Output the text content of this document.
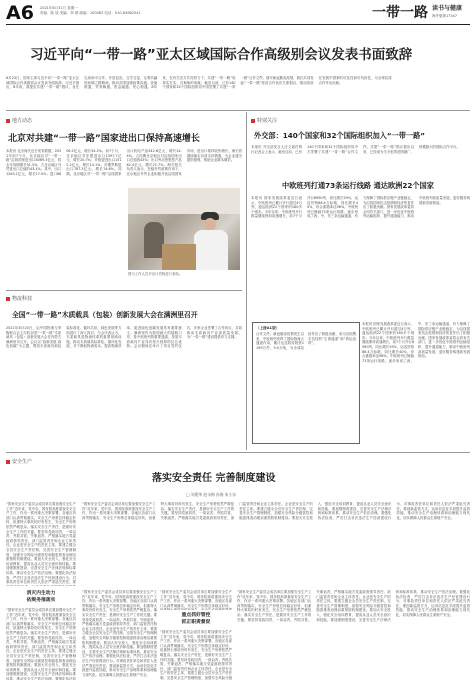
A6 2021年8月31日 星期一
责编：陈 欣 美编：李 婧 邮编：100083 电话：010-64962541	一带一路 读书与健康
海外版第17547
习近平向“一带一路”亚太区域国际合作高级别会议发表书面致辞
6月23日，国家主席习近平向“一带一路”亚太区域国际合作高级别会议发表书面致辞。习近平指出，8年前，我提出共建“一带一路”倡议，旨在弘扬和平合作、开放包容、互学互鉴、互利共赢的丝绸之路精神，推动各国加强政策沟通、设施联通、贸易畅通、资金融通、民心相通。8年来，在有关各方共同努力下，共建“一带一路”取得实打实、沉甸甸的成就。截至目前，已有140个国家和32个国际组织同中国签署了共建“一带一路”合作文件。面对新冠肺炎疫情，我们共同发起“一带一路”疫苗合作伙伴关系倡议，推动疫苗在发展中国家的可及性和可负担性，为全球抗疫合作作出贡献。
地方动态
北京对共建“一带一路”国家进出口保持高速增长
本报讯 北京海关近日发布数据，2021年前7个月，北京地区对“一带一路”沿线国家进出口8069.3亿元，较去年同期增长31.3%，占北京地区外贸进出口总值的43.1%。其中，出口1263.1亿元，增长17.5%；进口6806.2亿元，增长34.2%。前7个月，北京地区对东盟进出口1397.7亿元，增长20.7%；对欧盟进出口1512.2亿元，增长14.1%；对俄罗斯进出口787.3亿元，增长74.6%。同期，北京地区对“一带一路”沿线国家出口机电产品542.6亿元，增长24.4%，占同期北京地区对沿线国家出口总值的43%；出口劳动密集型产品62.4亿元，增长21.7%。海关相关负责人表示，在稳外贸政策作用下，北京地区外贸企业积极开拓沿线国家市场，进出口保持较快增长。海关将继续落实各项支持措施，为企业通关提供便利，帮助企业降本增效。
图为工作人员对出口货物进行查验。
物流科技
全国“一带一路”木质载具（包装）创新发展大会在满洲里召开
2021年8月20日，由中国物流与采购联合会主办的全国“一带一路”木质载具（包装）创新发展大会在内蒙古满洲里市召开。会议以“创新发展 绿色低碳”为主题，围绕木质载具和包装标准化、循环共用、绿色发展等方面进行了深入探讨。与会代表认为，木质载具是物流体系的重要基础设施，推动木质载具标准化、循环化发展，对于降低物流成本、提高物流效率、促进绿色低碳发展具有重要意义。满洲里作为我国最大的陆路口岸，是中欧班列的重要通道，发展木质载具产业具有得天独厚的区位优势。会议期间还举行了项目签约仪式，多家企业签署了合作协议，共同推动木质载具产业高质量发展，为“一带一路”建设提供有力支撑。
特别关注
外交部：140个国家和32个国际组织加入“一带一路”
本报讯 外交部发言人汪文斌在例行记者会上表示，截至目前，已有140个国家和32个国际组织同中方签署了共建“一带一路”合作文件。共建“一带一路”倡议提出以来，已经成为当今世界范围最广、规模最大的国际合作平台。
中欧班列打通73条运行线路 通达欧洲22个国家
本报讯 国家发展改革委近日表示，中欧班列已累计开行超过4万列，通达欧洲22个国家的160多个城市。今年以来，中欧班列开行数量继续保持高速增长，前7个月开行8990列，同比增长29%，运送货物86.4万标箱，同比增长40%，综合重箱率达98%。中欧班列已铺画73条运行线路，逐步形成了西、中、东三条运输通道，有力保障了国际供应链产业链稳定，为沿线国家抗击疫情和经济恢复作出了积极贡献。国家发展改革委将会同有关部门，进一步优化中欧班列运输组织，提升通道能力，推动中欧班列高质量发展，更好服务构建新发展格局。
（上接A1版）
合作文件。新冠肺炎疫情发生以来，中欧班列发挥了国际物流大通道作用，累计运送防疫物资1199万件、9.4万吨，为全球抗疫作出了积极贡献，成为各国携手抗疫的“生命通道”和“命运纽带”。
本报讯 国家发展改革委近日表示，中欧班列已累计开行超过4万列，通达欧洲22个国家的160多个城市。今年以来，中欧班列开行数量继续保持高速增长，前7个月开行8990列，同比增长29%，运送货物86.4万标箱，同比增长40%，综合重箱率达98%。中欧班列已铺画73条运行线路，逐步形成了西、中、东三条运输通道，有力保障了国际供应链产业链稳定，为沿线国家抗击疫情和经济恢复作出了积极贡献。国家发展改革委将会同有关部门，进一步优化中欧班列运输组织，提升通道能力，推动中欧班列高质量发展，更好服务构建新发展格局。
安全生产
落实安全责任 完善制度建设
□ 刘建华 赵永梅 孙海 朱小东
“国家安全生产委员会成员单位要加强安全生产工作”近年来，党中央、国务院高度重视安全生产工作，作出一系列重大决策部署。各地区各部门认真贯彻落实，安全生产形势总体稳定好转，但重特大事故仍时有发生，安全生产形势依然严峻复杂。落实安全生产责任，是做好安全生产工作的关键。要坚持党政同责、一岗双责、齐抓共管、失职追责，严格落实地方党委政府领导责任、部门监管责任和企业主体责任。企业是安全生产的责任主体，要建立健全全员安全生产责任制，完善安全生产管理制度，加强安全风险分级管控和隐患排查治理双重预防机制建设。要加大安全投入，强化安全培训教育，提高从业人员安全意识和技能。要加强制度建设，完善安全生产法律法规和标准体系，推动安全生产依法治理。要强化执法检查，严厉打击非法违法生产经营建设行为，对事故责任单位和责任人依法严肃追究责任。要
消灭内生动力
依规务推落实
“国家安全生产委员会成员单位要加强安全生产工作”近年来，党中央、国务院高度重视安全生产工作，作出一系列重大决策部署。各地区各部门认真贯彻落实，安全生产形势总体稳定好转，但重特大事故仍时有发生，安全生产形势依然严峻复杂。落实安全生产责任，是做好安全生产工作的关键。要坚持党政同责、一岗双责、齐抓共管、失职追责，严格落实地方党委政府领导责任、部门监管责任和企业主体责任。企业是安全生产的责任主体，要建立健全全员安全生产责任制，完善安全生产管理制度，加强安全风险分级管控和隐患排查治理双重预防机制建设。要加大安全投入，强化安全培训教育，提高从业人员安全意识和技能。要加强制度建设，完善安全生产法律法规和标准体系，推动安全生产依法治理。要强化执法检
“国家安全生产委员会成员单位要加强安全生产工作”近年来，党中央、国务院高度重视安全生产工作，作出一系列重大决策部署。各地区各部门认真贯彻落实，安全生产形势总体稳定好转，但重特大事故仍时有发生，安全生产形势依然严峻复杂。落实安全生产责任，是做好安全生产工作的关键。要坚持党政同责、一岗双责、齐抓共管、失职追责，严格落实地方党委政府领导责任、部门监管责任和企业主体责任。企业是安全生产的责任主体，要建立健全全员安全生产责任制，完善安全生产管理制度，加强安全风险分级管控和隐患排查治理双重预防机制建设。要加大安全投入，强化安全培训教育，提高从业人员安全意识和技能。要加强制度建设，完善安全生产法律法规和标准体系，推动安全生产依法治理。要强化执法检查，严厉打击非法违法生产经营建设行为，对事故责任单位和责任人依法严肃追究责任。要创新监管方式，运用信息化手段提升监管效能，推动安全生产治理体系和治理能力现代化，切实保障人民群众生命财产安全。
“国家安全生产委员会成员单位要加强安全生产工作”近年来，党中央、国务院高度重视安全生产工作，作出一系列重大决策部署。各地区各部门认真贯彻落实，安全生产形势总体稳定好转，但重特大事故仍时有发生，安全生产形势依然严峻复杂。落实安全生产责任，是做好安全生产工作的关键。要坚持党政同责、一岗双责、齐抓共管、失职追责，严格落实地方党委政府领导责任、部门监管责任和企业主体责任。企业是安全生产的责任主体，要建立健全全员安全生产责任制，完善安全生产管理制度，加强安全风险分级管控和隐患排查治理双重预防机制建设。要加大安全投入，强化安全培训教育，提高从业人员安全意识和技能。要加强制度建设，完善安全生产法律法规和标准体系，推动安全生产依法治理。要强化执法检查，严厉打击非法违法生产经营建设行为，对事故责任单位和责任人依法严肃追究责任。要创新监管方式，运用信息化手段提升监管效能，推动安全生产治理体系和治理能力现代化，切实保障人民群众生命财产安全。
重点抓好管控
抓正职责督促
“国家安全生产委员会成员单位要加强安全生产工作”近年来，党中央、国务院高度重视安全生产工作，作出一系列重大决策部署。各地区各部门认真贯彻落实，安全生产形势总体稳定好转，
“国家安全生产委员会成员单位要加强安全生产工作”近年来，党中央、国务院高度重视安全生产工作，作出一系列重大决策部署。各地区各部门认真贯彻落实，安全生产形势总体稳定好转，但重特大事故仍时有发生，安全生产形势依然严峻复杂。落实安全生产责任，是做好安全生产工作的关键。要坚持党政同责、一岗双责、齐抓共管、失职追责，严格落实地方党委政府领导责任、部门监管责任和企业主体责任。企业是安全生产的责任主体，要建立健全全员安全生产责任制，完善安全生产管理制度，加强安全风险分级
“国家安全生产委员会成员单位要加强安全生产工作”近年来，党中央、国务院高度重视安全生产工作，作出一系列重大决策部署。各地区各部门认真贯彻落实，安全生产形势总体稳定好转，但重特大事故仍时有发生，安全生产形势依然严峻复杂。落实安全生产责任，是做好安全生产工作的关键。要坚持党政同责、一岗双责、齐抓共管、失职追责，严格落实地方党委政府领导责任、部门监管责任和企业主体责任。企业是安全生产的责任主体，要建立健全全员安全生产责任制，完善安全生产管理制度，加强安全风险分级管控和隐患排查治理双重预防机制建设。要加大安全投入，强化安全培训教育，提高从业人员安全意识和技能。要加强制度建设，完善安全生产法律法规和标准体系，推动安全生产依法治理。要强化执法检查，严厉打击非法违法生产经营建设行为，对事故责任单位和责任人依法严肃追究责任。要创新监管方式，运用信息化手段提升监管效能，推动安全生产治理体系和治理能力现代化，切实保障人民群众生命财产安全。
